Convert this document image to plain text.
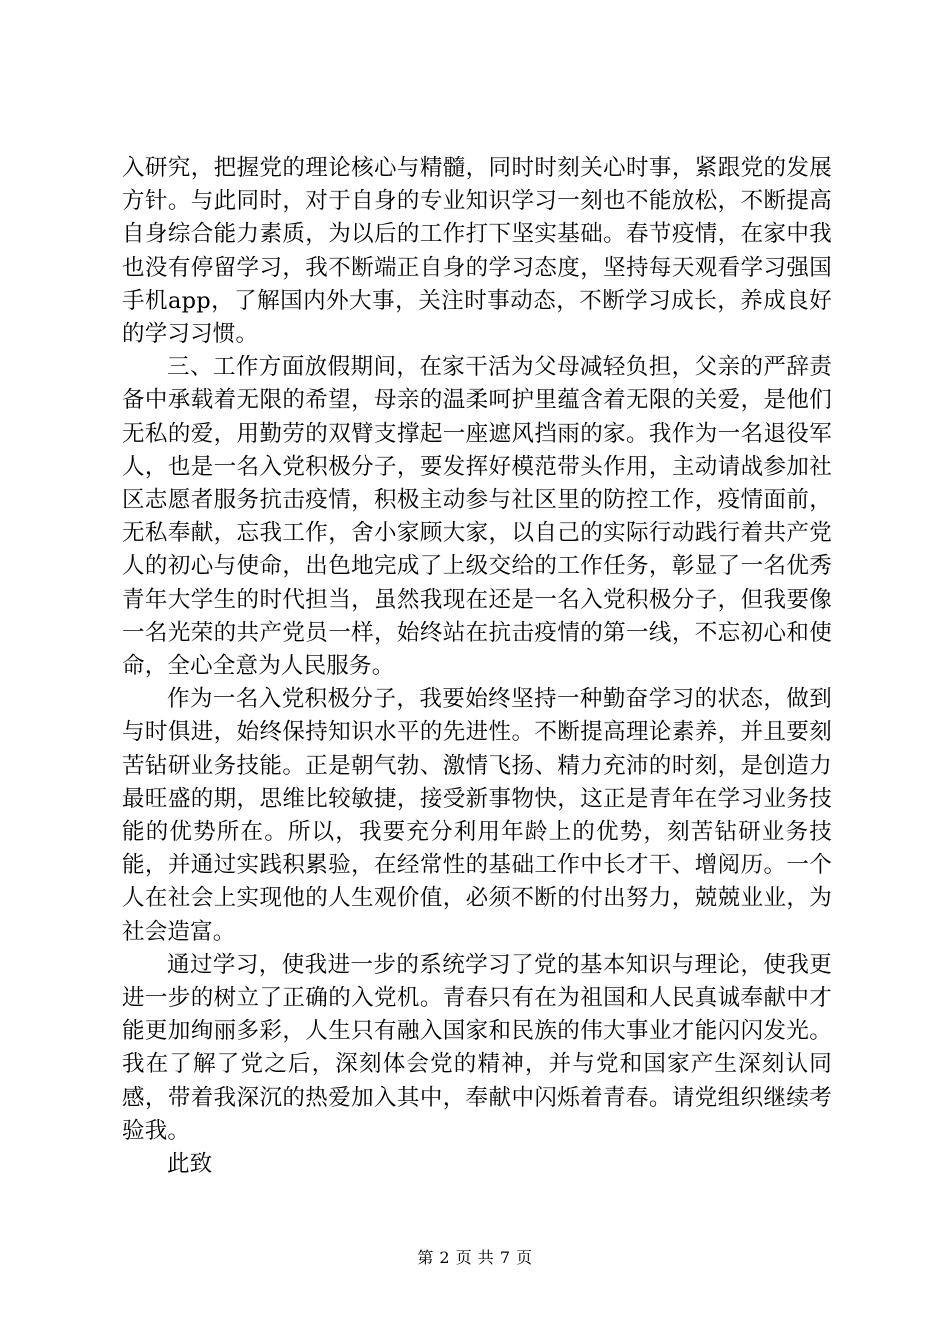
入研究，把握党的理论核心与精髓，同时时刻关心时事，紧跟党的发展方针。与此同时，对于自身的专业知识学习一刻也不能放松，不断提高自身综合能力素质，为以后的工作打下坚实基础。春节疫情，在家中我也没有停留学习，我不断端正自身的学习态度，坚持每天观看学习强国手机app，了解国内外大事，关注时事动态，不断学习成长，养成良好的学习习惯。

三、工作方面放假期间，在家干活为父母减轻负担，父亲的严辞责备中承载着无限的希望，母亲的温柔呵护里蕴含着无限的关爱，是他们无私的爱，用勤劳的双臂支撑起一座遮风挡雨的家。我作为一名退役军人，也是一名入党积极分子，要发挥好模范带头作用，主动请战参加社区志愿者服务抗击疫情，积极主动参与社区里的防控工作，疫情面前，无私奉献，忘我工作，舍小家顾大家，以自己的实际行动践行着共产党人的初心与使命，出色地完成了上级交给的工作任务，彰显了一名优秀青年大学生的时代担当，虽然我现在还是一名入党积极分子，但我要像一名光荣的共产党员一样，始终站在抗击疫情的第一线，不忘初心和使命，全心全意为人民服务。

作为一名入党积极分子，我要始终坚持一种勤奋学习的状态，做到与时俱进，始终保持知识水平的先进性。不断提高理论素养，并且要刻苦钻研业务技能。正是朝气勃、激情飞扬、精力充沛的时刻，是创造力最旺盛的期，思维比较敏捷，接受新事物快，这正是青年在学习业务技能的优势所在。所以，我要充分利用年龄上的优势，刻苦钻研业务技能，并通过实践积累验，在经常性的基础工作中长才干、增阅历。一个人在社会上实现他的人生观价值，必须不断的付出努力，兢兢业业，为社会造富。

通过学习，使我进一步的系统学习了党的基本知识与理论，使我更进一步的树立了正确的入党机。青春只有在为祖国和人民真诚奉献中才能更加绚丽多彩，人生只有融入国家和民族的伟大事业才能闪闪发光。我在了解了党之后，深刻体会党的精神，并与党和国家产生深刻认同感，带着我深沉的热爱加入其中，奉献中闪烁着青春。请党组织继续考验我。

此致

第 2 页 共 7 页
